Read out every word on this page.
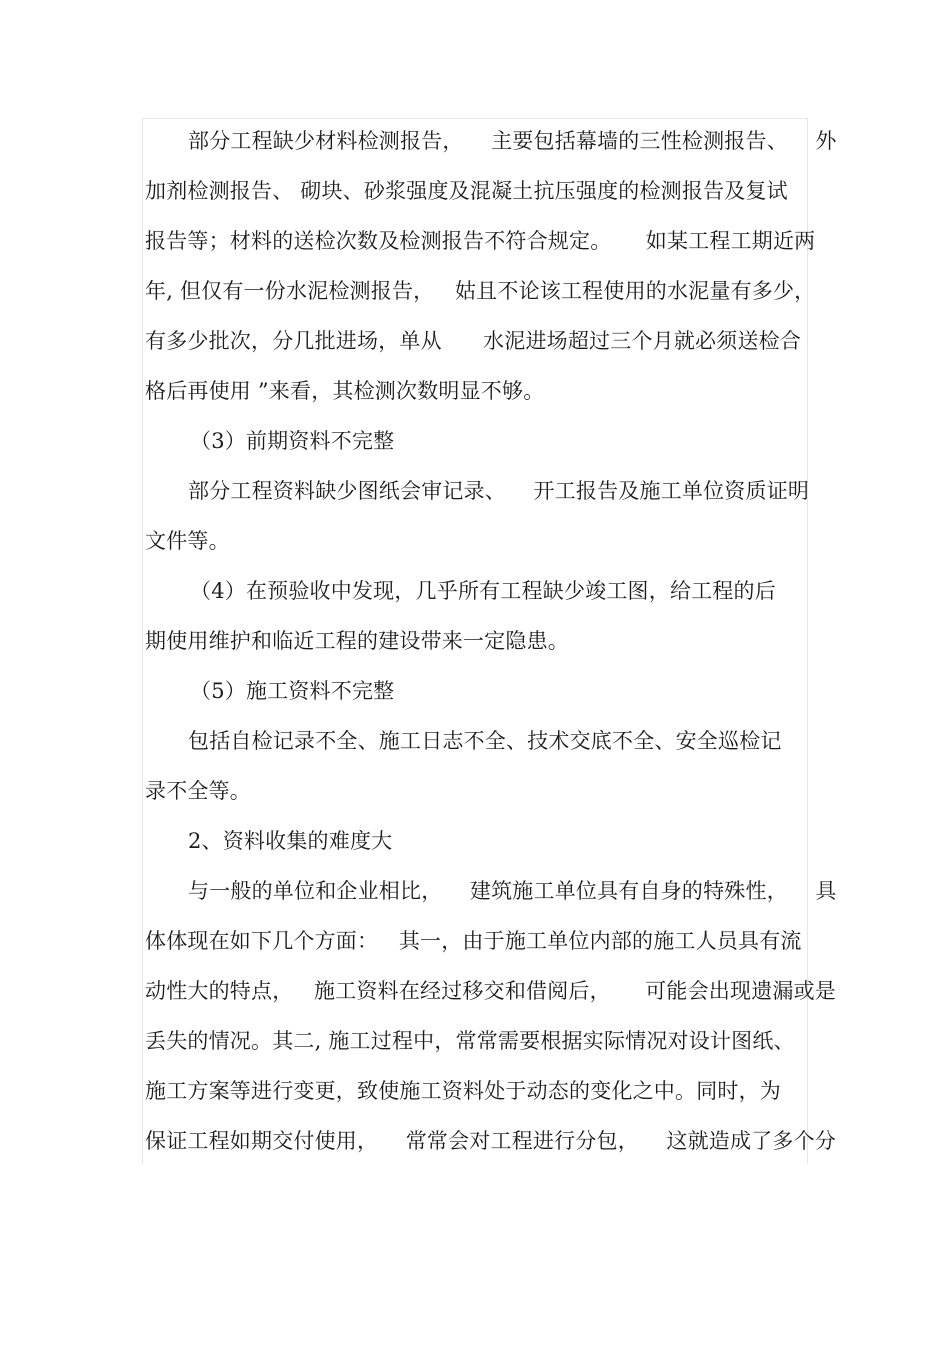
部分工程缺少材料检测报告，    主要包括幕墙的三性检测报告、    外
加剂检测报告、 砌块、砂浆强度及混凝土抗压强度的检测报告及复试
报告等；材料的送检次数及检测报告不符合规定。     如某工程工期近两
年, 但仅有一份水泥检测报告，   姑且不论该工程使用的水泥量有多少，
有多少批次，分几批进场，单从      水泥进场超过三个月就必须送检合
格后再使用 ”来看，其检测次数明显不够。
（3）前期资料不完整
部分工程资料缺少图纸会审记录、    开工报告及施工单位资质证明
文件等。
（4）在预验收中发现，几乎所有工程缺少竣工图，给工程的后
期使用维护和临近工程的建设带来一定隐患。
（5）施工资料不完整
包括自检记录不全、施工日志不全、技术交底不全、安全巡检记
录不全等。
2、资料收集的难度大
与一般的单位和企业相比，    建筑施工单位具有自身的特殊性，    具
体体现在如下几个方面：   其一，由于施工单位内部的施工人员具有流
动性大的特点，   施工资料在经过移交和借阅后，     可能会出现遗漏或是
丢失的情况。其二, 施工过程中，常常需要根据实际情况对设计图纸、
施工方案等进行变更，致使施工资料处于动态的变化之中。同时，为
保证工程如期交付使用，    常常会对工程进行分包，    这就造成了多个分
